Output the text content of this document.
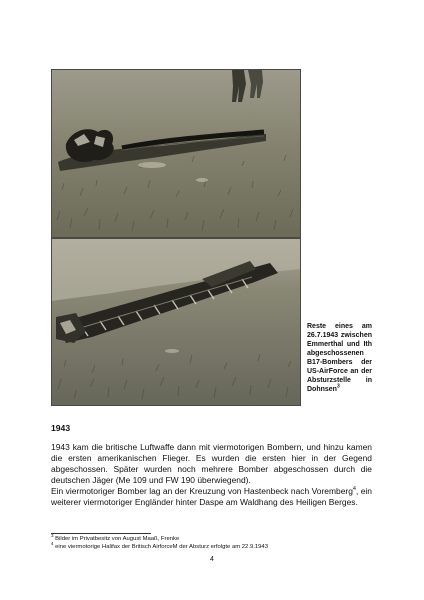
Reste eines am 26.7.1943 zwischen Emmerthal und Ith abgeschossenen B17-Bombers der US-AirForce an der Absturzstelle in Dohnsen$^3$

1943

1943 kam die britische Luftwaffe dann mit viermotorigen Bombern, und hinzu kamen die ersten amerikanischen Flieger. Es wurden die ersten hier in der Gegend abgeschossen. Später wurden noch mehrere Bomber abgeschossen durch die deutschen Jäger (Me 109 und FW 190 überwiegend).

Ein viermotoriger Bomber lag an der Kreuzung von Hastenbeck nach Voremberg$^4$, ein weiterer viermotoriger Engländer hinter Daspe am Waldhang des Heiligen Berges.

$^3$ Bilder im Privatbesitz von August Maaß, Frenke
$^4$ eine viermotorige Halifax der Britisch AirforceM der Absturz erfolgte am 22.9.1943
4
